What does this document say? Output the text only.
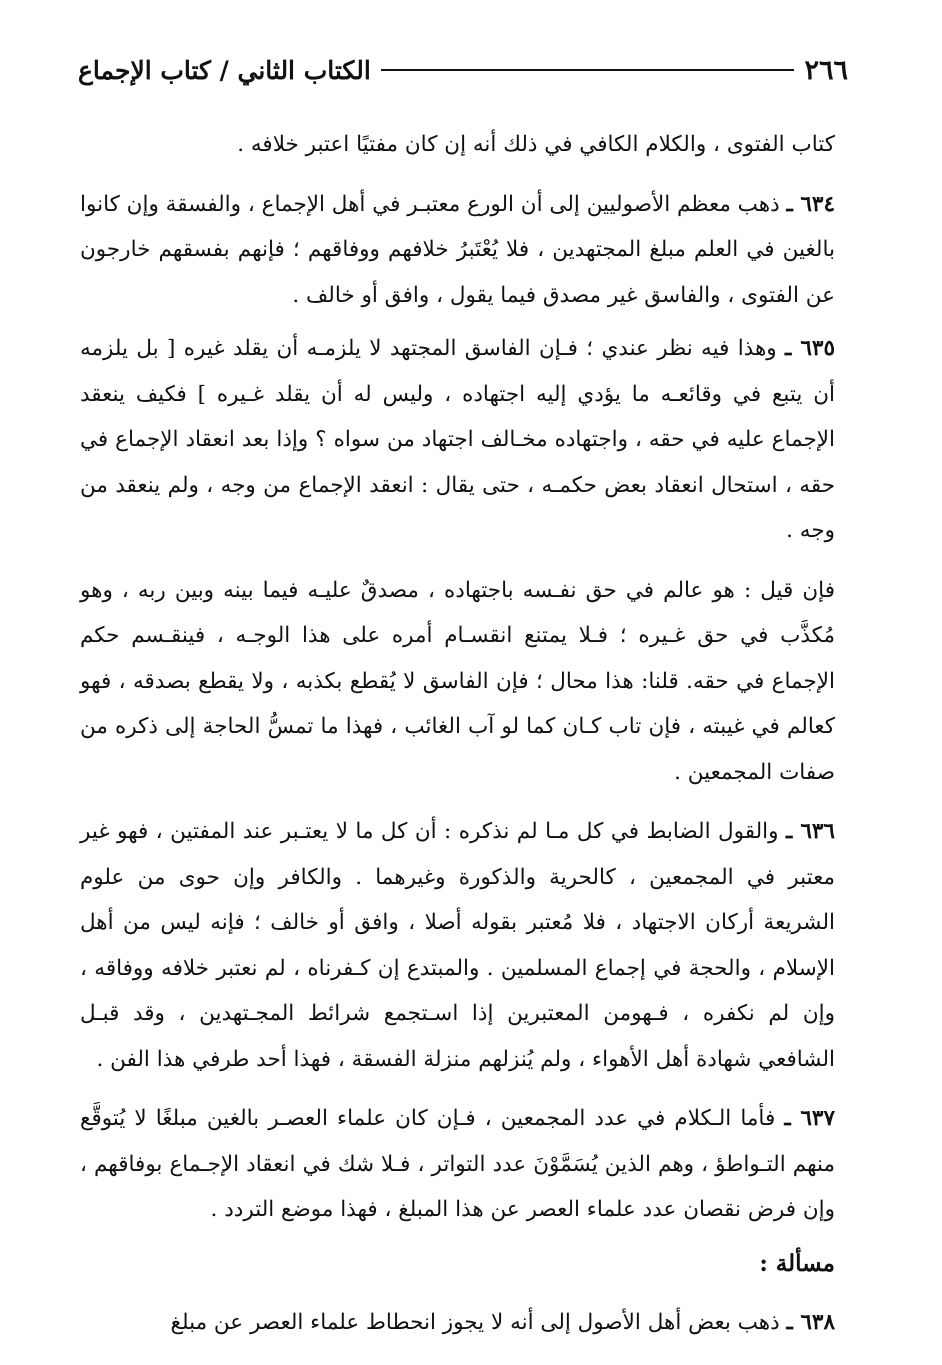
٢٦٦
الكتاب الثاني / كتاب الإجماع

كتاب الفتوى ، والكلام الكافي في ذلك أنه إن كان مفتيًا اعتبر خلافه .

٦٣٤ ـ ذهب معظم الأصوليين إلى أن الورع معتبـر في أهل الإجماع ، والفسقة وإن كانوا بالغين في العلم مبلغ المجتهدين ، فلا يُعْتَبرُ خلافهم ووفاقهم ؛ فإنهم بفسقهم خارجون عن الفتوى ، والفاسق غير مصدق فيما يقول ، وافق أو خالف .

٦٣٥ ـ وهذا فيه نظر عندي ؛ فـإن الفاسق المجتهد لا يلزمـه أن يقلد غيره [ بل يلزمه أن يتبع في وقائعـه ما يؤدي إليه اجتهاده ، وليس له أن يقلد غـيره ] فكيف ينعقد الإجماع عليه في حقه ، واجتهاده مخـالف اجتهاد من سواه ؟ وإذا بعد انعقاد الإجماع في حقه ، استحال انعقاد بعض حكمـه ، حتى يقال : انعقد الإجماع من وجه ، ولم ينعقد من وجه .

فإن قيل : هو عالم في حق نفـسه باجتهاده ، مصدقٌ عليـه فيما بينه وبين ربه ، وهو مُكذَّب في حق غـيره ؛ فـلا يمتنع انقسـام أمره على هذا الوجـه ، فينقـسم حكم الإجماع في حقه. قلنا: هذا محال ؛ فإن الفاسق لا يُقطع بكذبه ، ولا يقطع بصدقه ، فهو كعالم في غيبته ، فإن تاب كـان كما لو آب الغائب ، فهذا ما تمسُّ الحاجة إلى ذكره من صفات المجمعين .

٦٣٦ ـ والقول الضابط في كل مـا لم نذكره : أن كل ما لا يعتـبر عند المفتين ، فهو غير معتبر في المجمعين ، كالحرية والذكورة وغيرهما . والكافر وإن حوى من علوم الشريعة أركان الاجتهاد ، فلا مُعتبر بقوله أصلا ، وافق أو خالف ؛ فإنه ليس من أهل الإسلام ، والحجة في إجماع المسلمين . والمبتدع إن كـفرناه ، لم نعتبر خلافه ووفاقه ، وإن لم نكفره ، فـهومن المعتبرين إذا اسـتجمع شرائط المجـتهدين ، وقد قبـل الشافعي شهادة أهل الأهواء ، ولم يُنزلهم منزلة الفسقة ، فهذا أحد طرفي هذا الفن .

٦٣٧ ـ فأما الـكلام في عدد المجمعين ، فـإن كان علماء العصـر بالغين مبلغًا لا يُتوقَّع منهم التـواطؤ ، وهم الذين يُسَمَّوْنَ عدد التواتر ، فـلا شك في انعقاد الإجـماع بوفاقهم ، وإن فرض نقصان عدد علماء العصر عن هذا المبلغ ، فهذا موضع التردد .

مسألة :

٦٣٨ ـ ذهب بعض أهل الأصول إلى أنه لا يجوز انحطاط علماء العصر عن مبلغ
